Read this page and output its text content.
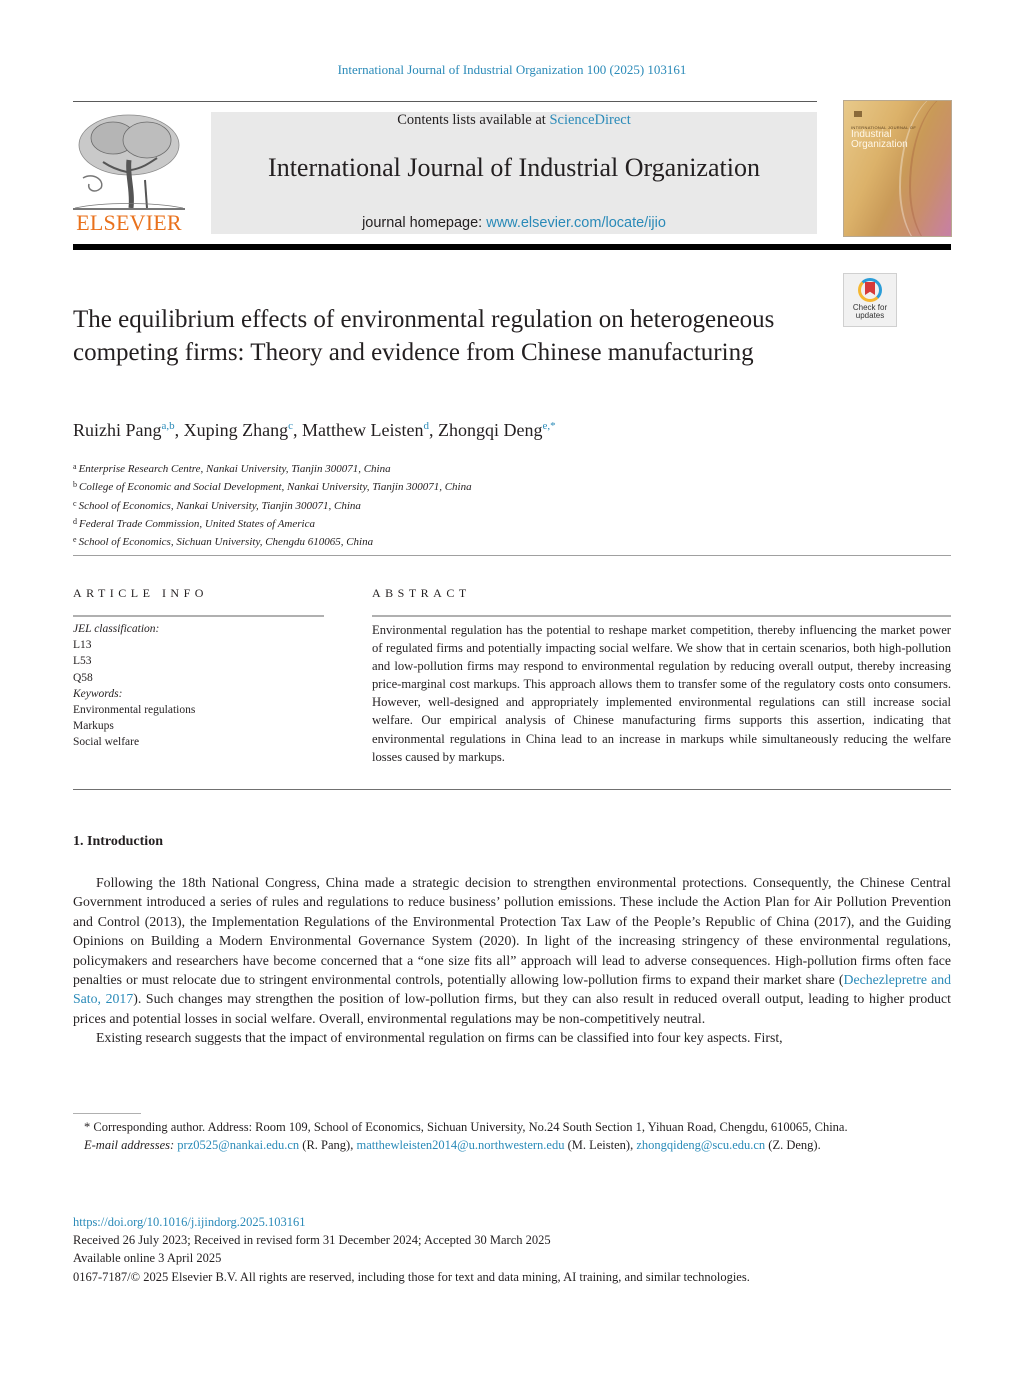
International Journal of Industrial Organization 100 (2025) 103161
ELSEVIER
Contents lists available at ScienceDirect
International Journal of Industrial Organization
journal homepage: www.elsevier.com/locate/ijio
INTERNATIONAL JOURNAL OF
Industrial
Organization
Check for
updates
The equilibrium effects of environmental regulation on heterogeneous competing firms: Theory and evidence from Chinese manufacturing
Ruizhi Pang$^{a,b}$, Xuping Zhang$^c$, Matthew Leisten$^d$, Zhongqi Deng$^{e,*}$
$^a$ Enterprise Research Centre, Nankai University, Tianjin 300071, China
$^b$ College of Economic and Social Development, Nankai University, Tianjin 300071, China
$^c$ School of Economics, Nankai University, Tianjin 300071, China
$^d$ Federal Trade Commission, United States of America
$^e$ School of Economics, Sichuan University, Chengdu 610065, China
ARTICLE INFO
JEL classification:
L13
L53
Q58
Keywords:
Environmental regulations
Markups
Social welfare
ABSTRACT
Environmental regulation has the potential to reshape market competition, thereby influencing the market power of regulated firms and potentially impacting social welfare. We show that in certain scenarios, both high-pollution and low-pollution firms may respond to environmental regulation by reducing overall output, thereby increasing price-marginal cost markups. This approach allows them to transfer some of the regulatory costs onto consumers. However, well-designed and appropriately implemented environmental regulations can still increase social welfare. Our empirical analysis of Chinese manufacturing firms supports this assertion, indicating that environmental regulations in China lead to an increase in markups while simultaneously reducing the welfare losses caused by markups.
1. Introduction

Following the 18th National Congress, China made a strategic decision to strengthen environmental protections. Consequently, the Chinese Central Government introduced a series of rules and regulations to reduce business’ pollution emissions. These include the Action Plan for Air Pollution Prevention and Control (2013), the Implementation Regulations of the Environmental Protection Tax Law of the People’s Republic of China (2017), and the Guiding Opinions on Building a Modern Environmental Governance System (2020). In light of the increasing stringency of these environmental regulations, policymakers and researchers have become concerned that a “one size fits all” approach will lead to adverse consequences. High-pollution firms often face penalties or must relocate due to stringent environmental controls, potentially allowing low-pollution firms to expand their market share (Dechezlepretre and Sato, 2017). Such changes may strengthen the position of low-pollution firms, but they can also result in reduced overall output, leading to higher product prices and potential losses in social welfare. Overall, environmental regulations may be non-competitively neutral.

Existing research suggests that the impact of environmental regulation on firms can be classified into four key aspects. First,

* Corresponding author. Address: Room 109, School of Economics, Sichuan University, No.24 South Section 1, Yihuan Road, Chengdu, 610065, China.

E-mail addresses: prz0525@nankai.edu.cn (R. Pang), matthewleisten2014@u.northwestern.edu (M. Leisten), zhongqideng@scu.edu.cn (Z. Deng).

https://doi.org/10.1016/j.ijindorg.2025.103161
Received 26 July 2023; Received in revised form 31 December 2024; Accepted 30 March 2025
Available online 3 April 2025
0167-7187/© 2025 Elsevier B.V. All rights are reserved, including those for text and data mining, AI training, and similar technologies.
